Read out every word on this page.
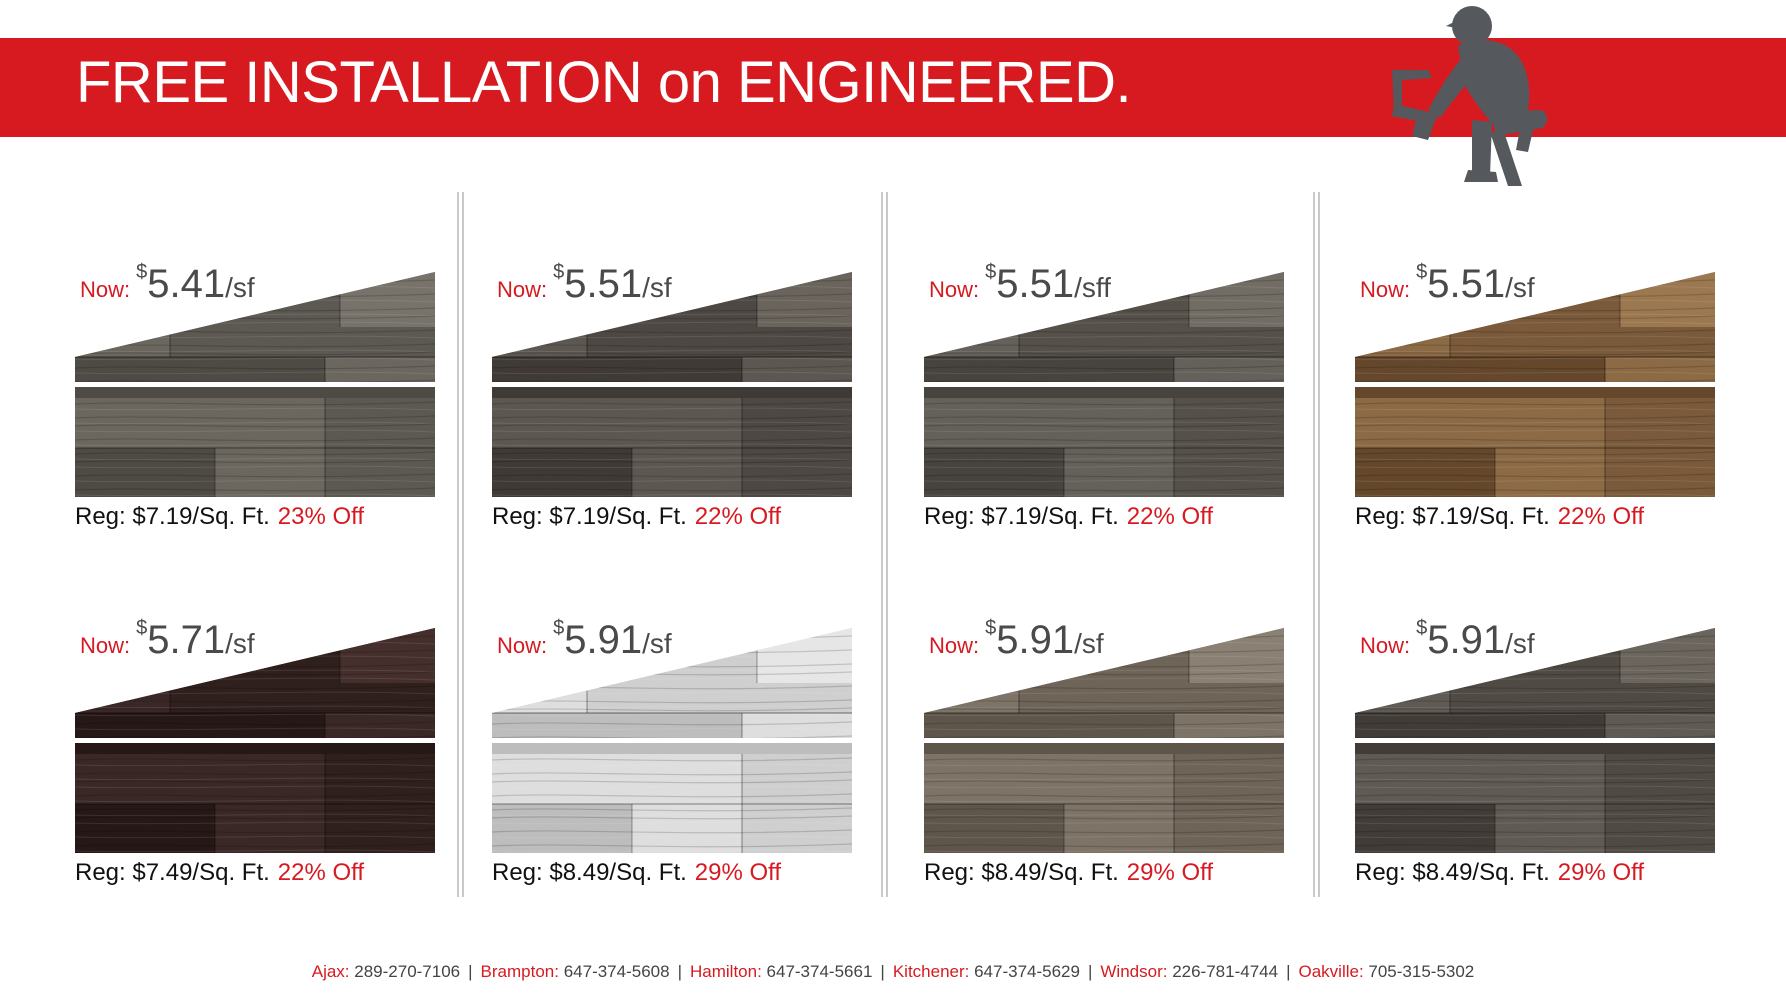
FREE INSTALLATION on ENGINEERED.
Now:$5.41/sf
Reg: $7.19/Sq. Ft. 23% Off
Now:$5.51/sf
Reg: $7.19/Sq. Ft. 22% Off
Now:$5.51/sff
Reg: $7.19/Sq. Ft. 22% Off
Now:$5.51/sf
Reg: $7.19/Sq. Ft. 22% Off
Now:$5.71/sf
Reg: $7.49/Sq. Ft. 22% Off
Now:$5.91/sf
Reg: $8.49/Sq. Ft. 29% Off
Now:$5.91/sf
Reg: $8.49/Sq. Ft. 29% Off
Now:$5.91/sf
Reg: $8.49/Sq. Ft. 29% Off
Ajax: 289-270-7106 | Brampton: 647-374-5608 | Hamilton: 647-374-5661 | Kitchener: 647-374-5629 | Windsor: 226-781-4744 | Oakville: 705-315-5302
